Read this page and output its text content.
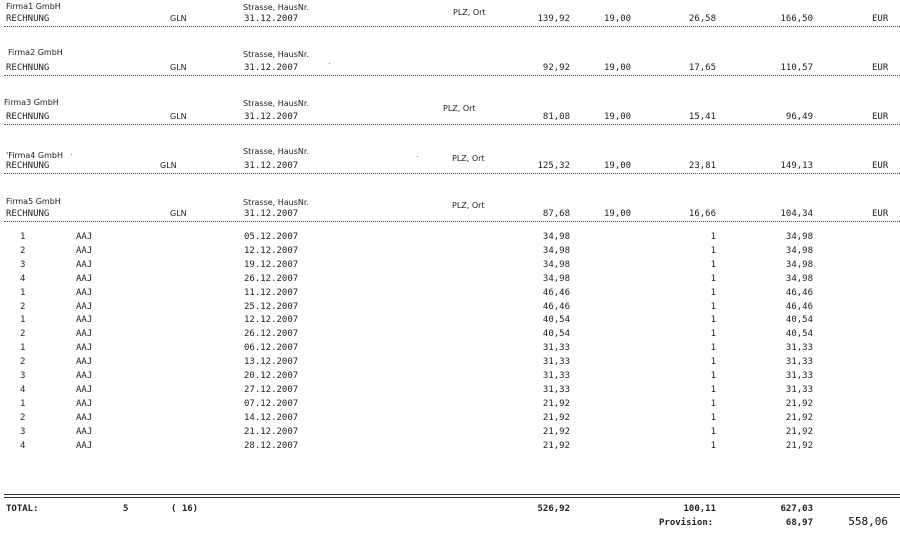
Firma1 GmbH	Strasse, HausNr.
PLZ, Ort
RECHNUNG	GLN	31.12.2007	139,92	19,00	26,58	166,50	EUR
Firma2 GmbH	Strasse, HausNr.
RECHNUNG	GLN	31.12.2007	92,92	19,00	17,65	110,57	EUR
Firma3 GmbH	Strasse, HausNr.
PLZ, Ort
RECHNUNG	GLN	31.12.2007	81,08	19,00	15,41	96,49	EUR
'Firma4 GmbH	Strasse, HausNr.
PLZ, Ort
RECHNUNG	GLN	31.12.2007	125,32	19,00	23,81	149,13	EUR
Firma5 GmbH	Strasse, HausNr.	PLZ, Ort
RECHNUNG	GLN	31.12.2007	87,68	19,00	16,66	104,34	EUR
1	AAJ	05.12.2007	34,98	1	34,98
2	AAJ	12.12.2007	34,98	1	34,98
3	AAJ	19.12.2007	34,98	1	34,98
4	AAJ	26.12.2007	34,98	1	34,98
1	AAJ	11.12.2007	46,46	1	46,46
2	AAJ	25.12.2007	46,46	1	46,46
1	AAJ	12.12.2007	40,54	1	40,54
2	AAJ	26.12.2007	40,54	1	40,54
1	AAJ	06.12.2007	31,33	1	31,33
2	AAJ	13.12.2007	31,33	1	31,33
3	AAJ	20.12.2007	31,33	1	31,33
4	AAJ	27.12.2007	31,33	1	31,33
1	AAJ	07.12.2007	21,92	1	21,92
2	AAJ	14.12.2007	21,92	1	21,92
3	AAJ	21.12.2007	21,92	1	21,92
4	AAJ	28.12.2007	21,92	1	21,92
TOTAL:	5	( 16)	526,92	100,11	627,03
Provision:	68,97	558,06
